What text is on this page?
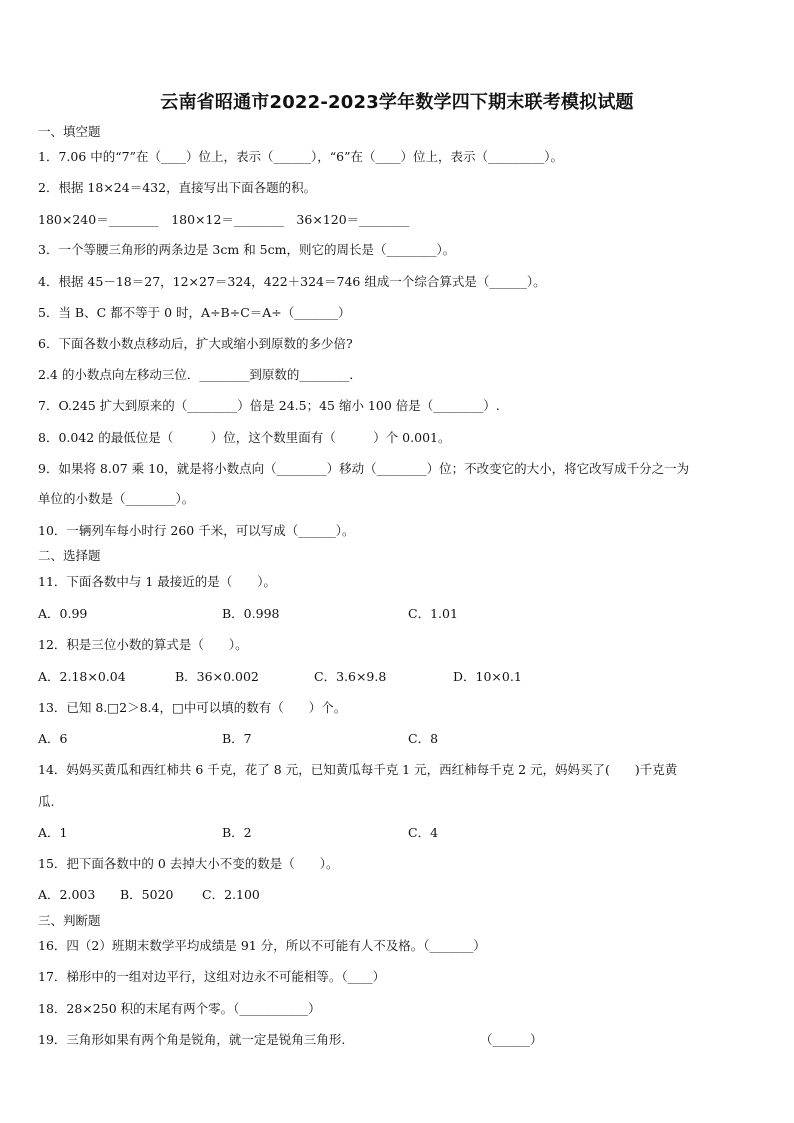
云南省昭通市2022-2023学年数学四下期末联考模拟试题
一、填空题
1．7.06 中的“7”在（____）位上，表示（______），“6”在（____）位上，表示（_________）。
2．根据 18×24＝432，直接写出下面各题的积。
180×240＝________　180×12＝________　36×120＝________
3．一个等腰三角形的两条边是 3cm 和 5cm，则它的周长是（________）。
4．根据 45－18＝27，12×27＝324，422＋324＝746 组成一个综合算式是（______）。
5．当 B、C 都不等于 0 时，A÷B÷C＝A÷（_______）
6．下面各数小数点移动后，扩大或缩小到原数的多少倍?
2.4 的小数点向左移动三位．________到原数的________．
7．O.245 扩大到原来的（________）倍是 24.5；45 缩小 100 倍是（________）.
8．0.042 的最低位是（　　　）位，这个数里面有（　　　）个 0.001。
9．如果将 8.07 乘 10，就是将小数点向（________）移动（________）位；不改变它的大小，将它改写成千分之一为
单位的小数是（________）。
10．一辆列车每小时行 260 千米，可以写成（______）。
二、选择题
11．下面各数中与 1 最接近的是（　　）。
A．0.99	B．0.998	C．1.01
12．积是三位小数的算式是（　　）。
A．2.18×0.04	B．36×0.002	C．3.6×9.8	D．10×0.1
13．已知 8.□2＞8.4，□中可以填的数有（　　）个。
A．6	B．7	C．8
14．妈妈买黄瓜和西红柿共 6 千克，花了 8 元，已知黄瓜每千克 1 元，西红柿每千克 2 元，妈妈买了(　　)千克黄
瓜.
A．1	B．2	C．4
15．把下面各数中的 0 去掉大小不变的数是（　　）。
A．2.003 B．5020 C．2.100
三、判断题
16．四（2）班期末数学平均成绩是 91 分，所以不可能有人不及格。（_______）
17．梯形中的一组对边平行，这组对边永不可能相等。（____）
18．28×250 积的末尾有两个零。（___________）
19．三角形如果有两个角是锐角，就一定是锐角三角形.	（______）
